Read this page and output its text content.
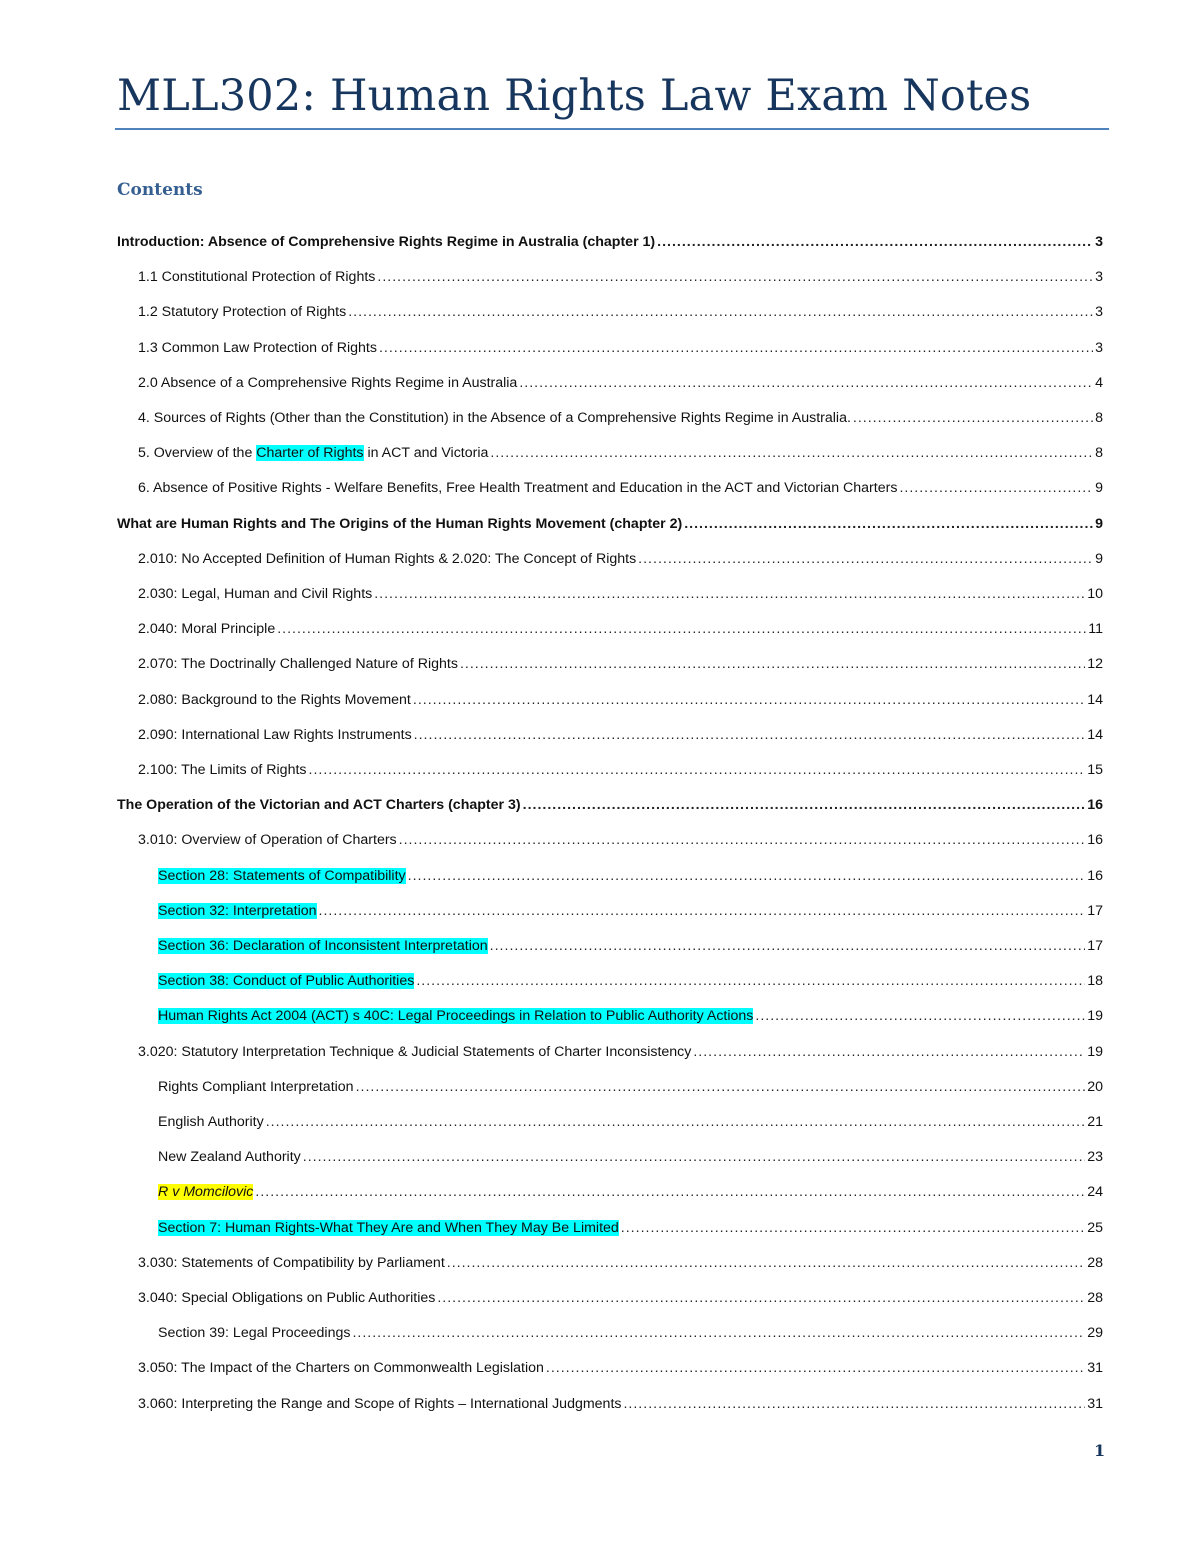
MLL302: Human Rights Law Exam Notes
Contents
Introduction: Absence of Comprehensive Rights Regime in Australia (chapter 1) .....	3
1.1 Constitutional Protection of Rights .....	3
1.2 Statutory Protection of Rights .....	3
1.3 Common Law Protection of Rights .....	3
2.0 Absence of a Comprehensive Rights Regime in Australia .....	4
4. Sources of Rights (Other than the Constitution) in the Absence of a Comprehensive Rights Regime in Australia. .....	8
5. Overview of the Charter of Rights in ACT and Victoria .....	8
6. Absence of Positive Rights - Welfare Benefits, Free Health Treatment and Education in the ACT and Victorian Charters .....	9
What are Human Rights and The Origins of the Human Rights Movement (chapter 2) .....	9
2.010: No Accepted Definition of Human Rights & 2.020: The Concept of Rights .....	9
2.030: Legal, Human and Civil Rights .....	10
2.040: Moral Principle .....	11
2.070: The Doctrinally Challenged Nature of Rights .....	12
2.080: Background to the Rights Movement .....	14
2.090: International Law Rights Instruments .....	14
2.100: The Limits of Rights .....	15
The Operation of the Victorian and ACT Charters (chapter 3) .....	16
3.010: Overview of Operation of Charters .....	16
Section 28: Statements of Compatibility .....	16
Section 32: Interpretation .....	17
Section 36: Declaration of Inconsistent Interpretation .....	17
Section 38: Conduct of Public Authorities .....	18
Human Rights Act 2004 (ACT) s 40C: Legal Proceedings in Relation to Public Authority Actions .....	19
3.020: Statutory Interpretation Technique & Judicial Statements of Charter Inconsistency .....	19
Rights Compliant Interpretation .....	20
English Authority .....	21
New Zealand Authority .....	23
R v Momcilovic .....	24
Section 7: Human Rights-What They Are and When They May Be Limited .....	25
3.030: Statements of Compatibility by Parliament .....	28
3.040: Special Obligations on Public Authorities .....	28
Section 39: Legal Proceedings .....	29
3.050: The Impact of the Charters on Commonwealth Legislation .....	31
3.060: Interpreting the Range and Scope of Rights – International Judgments .....	31
1
